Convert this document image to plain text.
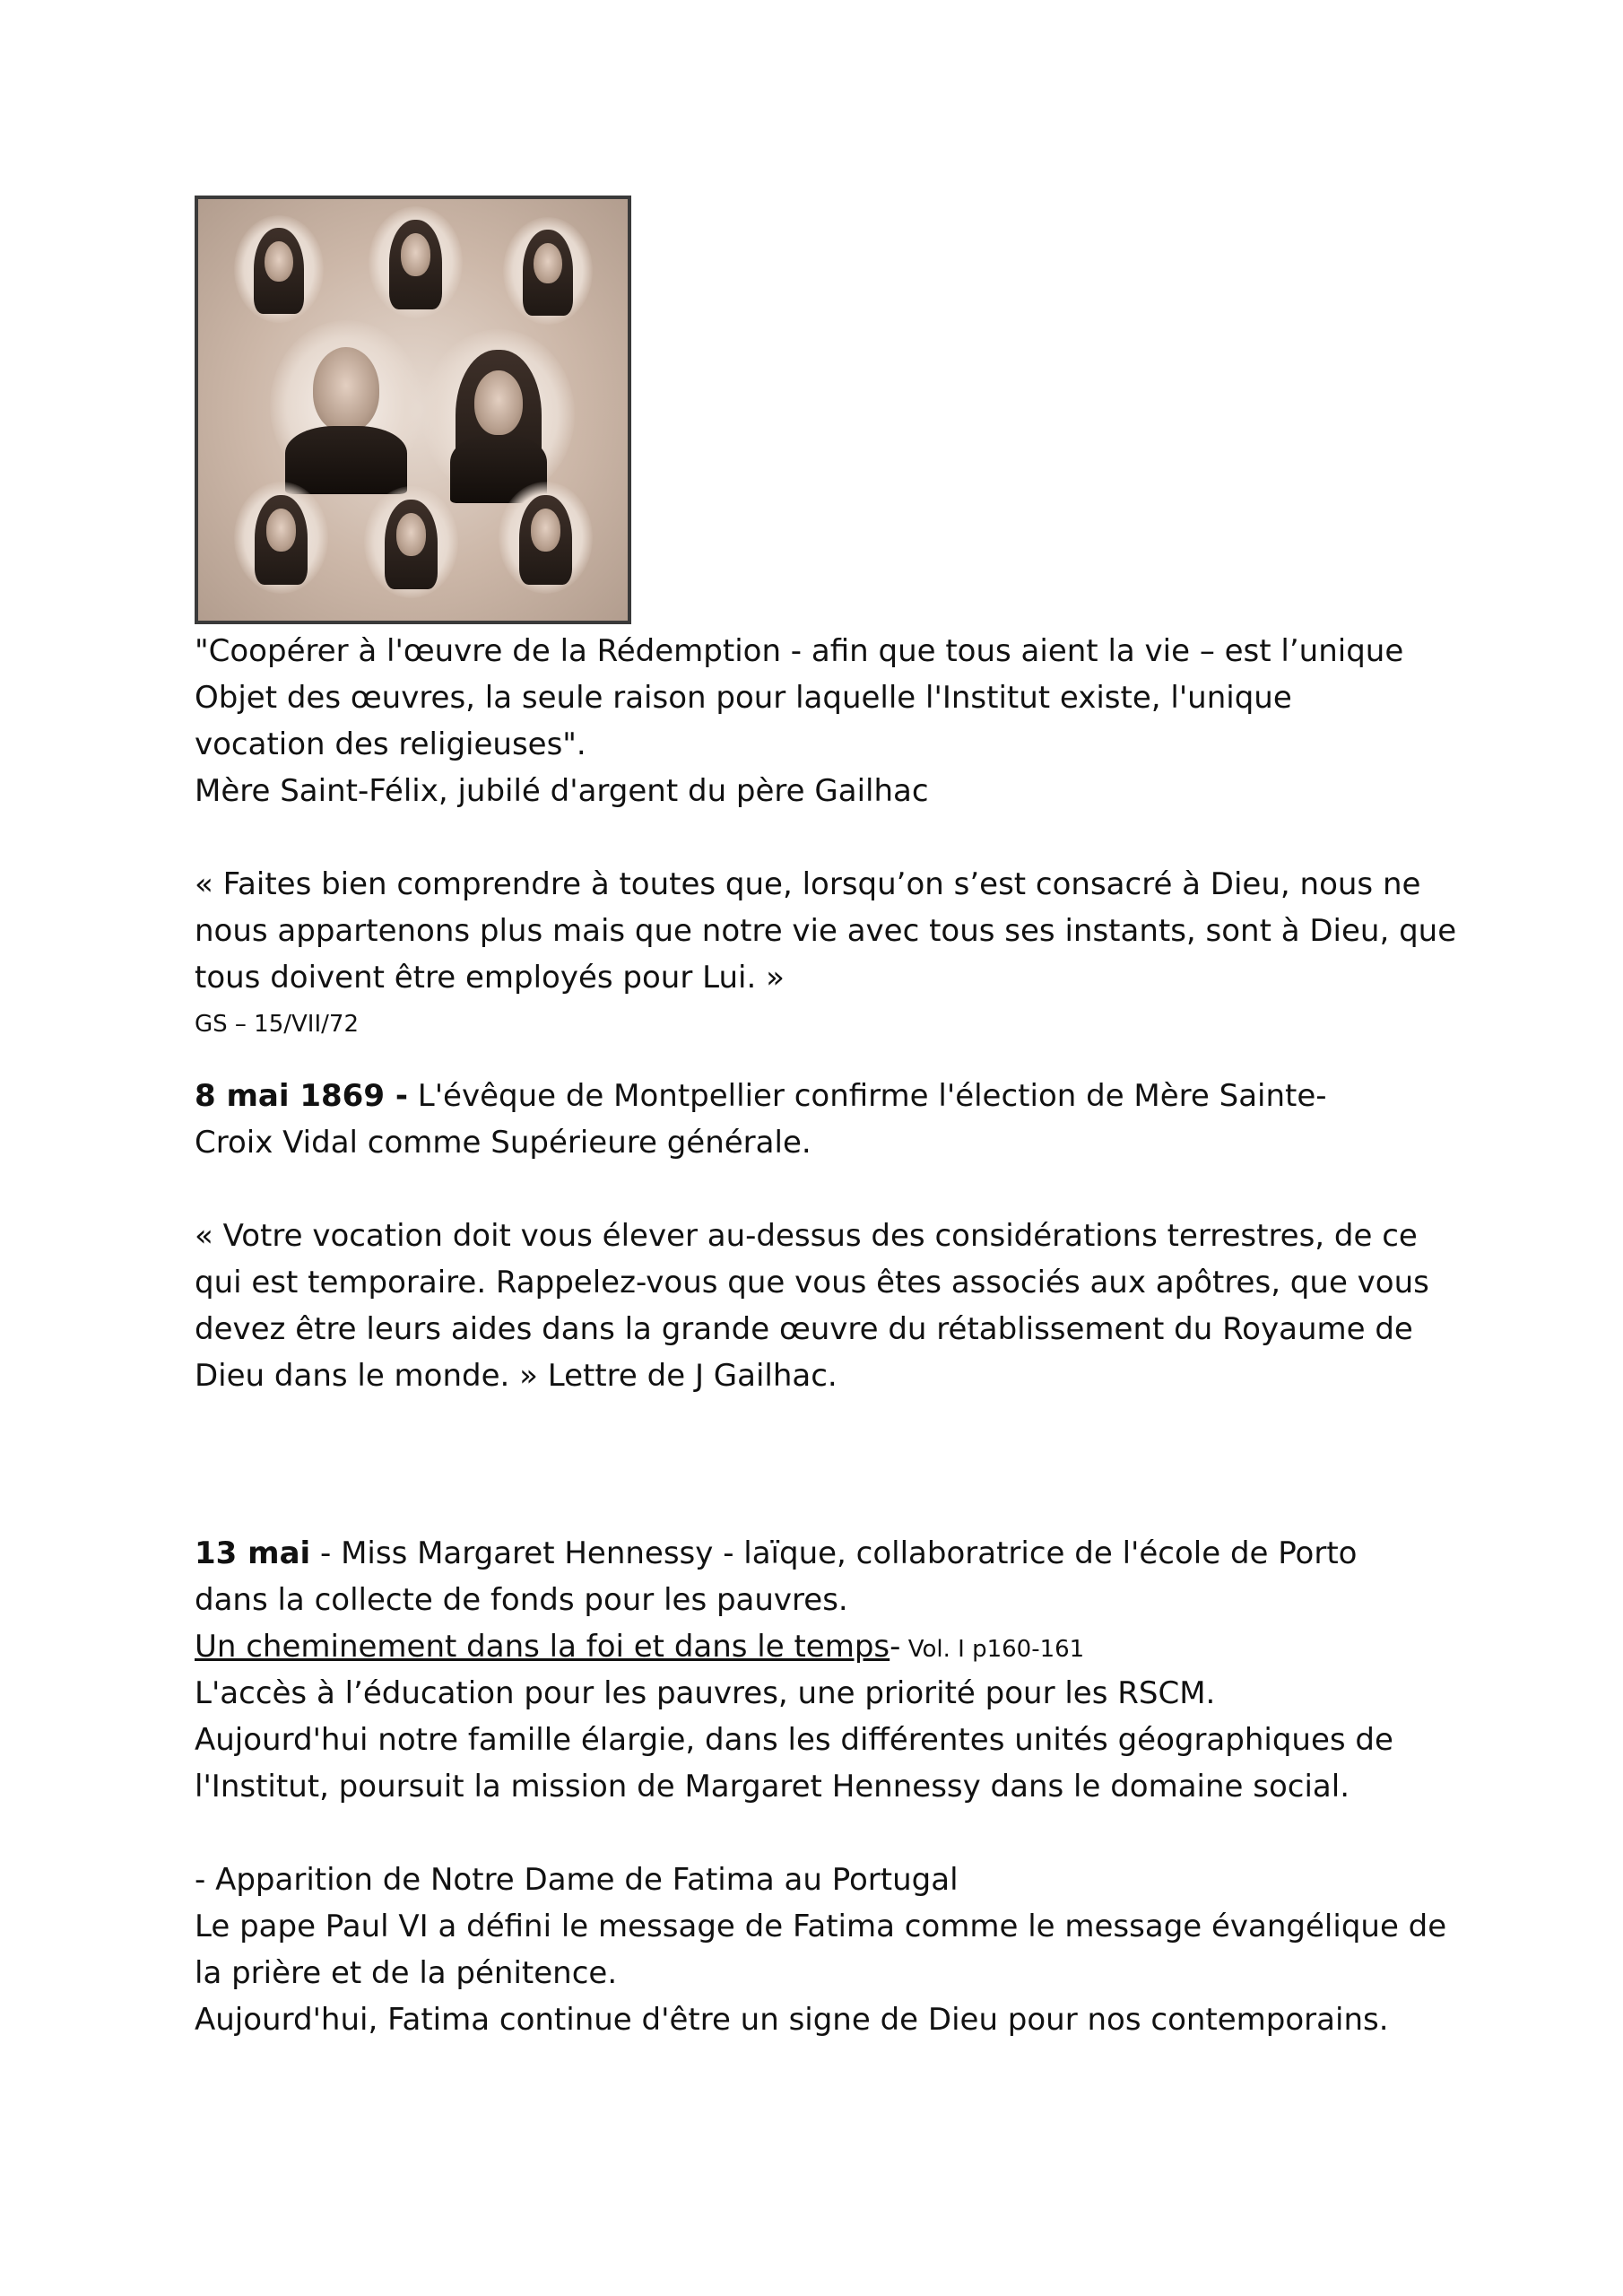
"Coopérer à l'œuvre de la Rédemption - afin que tous aient la vie – est l’unique
Objet des œuvres, la seule raison pour laquelle l'Institut existe, l'unique
vocation des religieuses".
Mère Saint-Félix, jubilé d'argent du père Gailhac
« Faites bien comprendre à toutes que, lorsqu’on s’est consacré à Dieu, nous ne
nous appartenons plus mais que notre vie avec tous ses instants, sont à Dieu, que
tous doivent être employés pour Lui. »
GS – 15/VII/72
8 mai 1869 - L'évêque de Montpellier confirme l'élection de Mère Sainte-
Croix Vidal comme Supérieure générale.
« Votre vocation doit vous élever au-dessus des considérations terrestres, de ce
qui est temporaire. Rappelez-vous que vous êtes associés aux apôtres, que vous
devez être leurs aides dans la grande œuvre du rétablissement du Royaume de
Dieu dans le monde. » Lettre de J Gailhac.
13 mai - Miss Margaret Hennessy - laïque, collaboratrice de l'école de Porto
dans la collecte de fonds pour les pauvres.
Un cheminement dans la foi et dans le temps- Vol. I p160-161
L'accès à l’éducation pour les pauvres, une priorité pour les RSCM.
Aujourd'hui notre famille élargie, dans les différentes unités géographiques de
l'Institut, poursuit la mission de Margaret Hennessy dans le domaine social.
- Apparition de Notre Dame de Fatima au Portugal
Le pape Paul VI a défini le message de Fatima comme le message évangélique de
la prière et de la pénitence.
Aujourd'hui, Fatima continue d'être un signe de Dieu pour nos contemporains.
